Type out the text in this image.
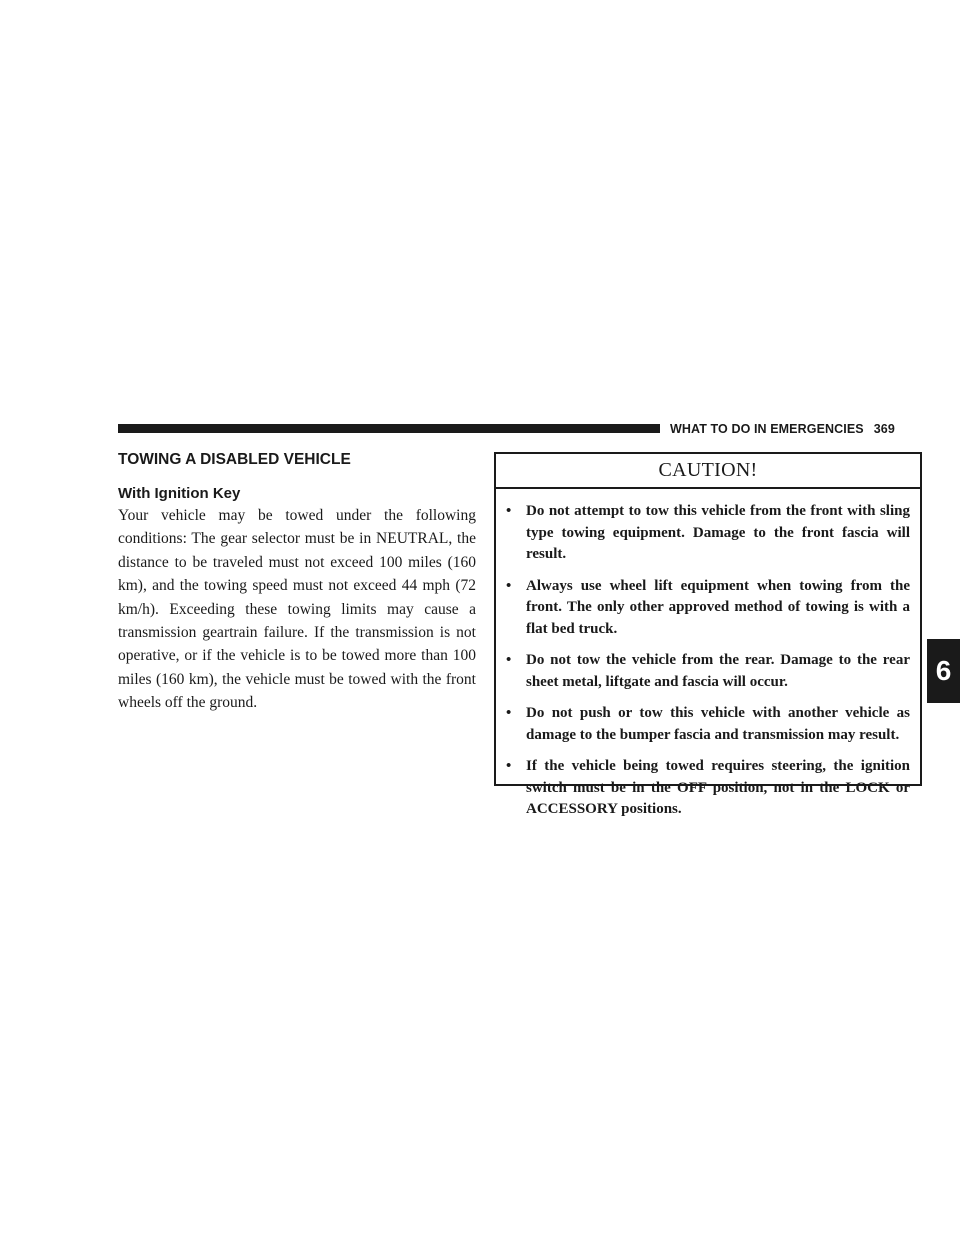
WHAT TO DO IN EMERGENCIES 369
TOWING A DISABLED VEHICLE
With Ignition Key

Your vehicle may be towed under the following conditions: The gear selector must be in NEUTRAL, the distance to be traveled must not exceed 100 miles (160 km), and the towing speed must not exceed 44 mph (72 km/h). Exceeding these towing limits may cause a transmission geartrain failure. If the transmission is not operative, or if the vehicle is to be towed more than 100 miles (160 km), the vehicle must be towed with the front wheels off the ground.

CAUTION!
• Do not attempt to tow this vehicle from the front with sling type towing equipment. Damage to the front fascia will result.
• Always use wheel lift equipment when towing from the front. The only other approved method of towing is with a flat bed truck.
• Do not tow the vehicle from the rear. Damage to the rear sheet metal, liftgate and fascia will occur.
• Do not push or tow this vehicle with another vehicle as damage to the bumper fascia and transmission may result.
• If the vehicle being towed requires steering, the ignition switch must be in the OFF position, not in the LOCK or ACCESSORY positions.
6
